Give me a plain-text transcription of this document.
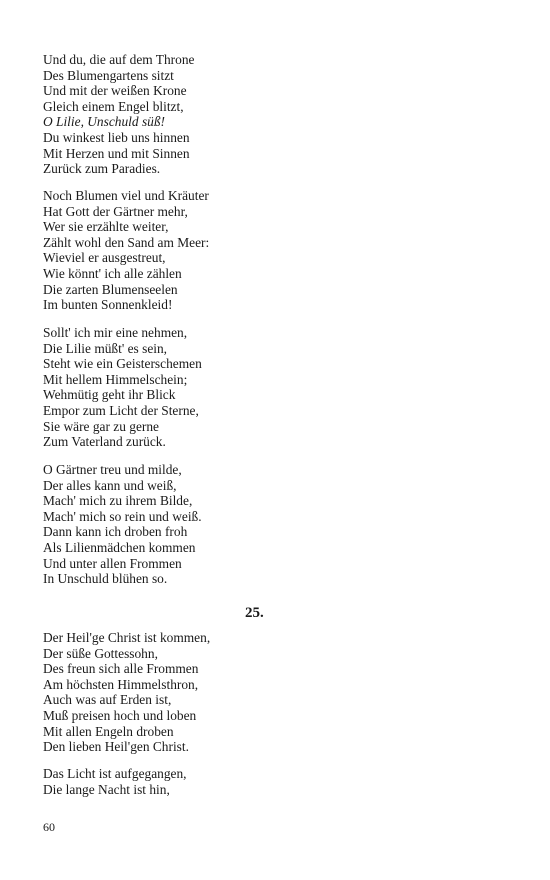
Und du, die auf dem Throne
Des Blumengartens sitzt
Und mit der weißen Krone
Gleich einem Engel blitzt,
O Lilie, Unschuld süß!
Du winkest lieb uns hinnen
Mit Herzen und mit Sinnen
Zurück zum Paradies.
Noch Blumen viel und Kräuter
Hat Gott der Gärtner mehr,
Wer sie erzählte weiter,
Zählt wohl den Sand am Meer:
Wieviel er ausgestreut,
Wie könnt' ich alle zählen
Die zarten Blumenseelen
Im bunten Sonnenkleid!
Sollt' ich mir eine nehmen,
Die Lilie müßt' es sein,
Steht wie ein Geisterschemen
Mit hellem Himmelschein;
Wehmütig geht ihr Blick
Empor zum Licht der Sterne,
Sie wäre gar zu gerne
Zum Vaterland zurück.
O Gärtner treu und milde,
Der alles kann und weiß,
Mach' mich zu ihrem Bilde,
Mach' mich so rein und weiß.
Dann kann ich droben froh
Als Lilienmädchen kommen
Und unter allen Frommen
In Unschuld blühen so.
25.
Der Heil'ge Christ ist kommen,
Der süße Gottessohn,
Des freun sich alle Frommen
Am höchsten Himmelsthron,
Auch was auf Erden ist,
Muß preisen hoch und loben
Mit allen Engeln droben
Den lieben Heil'gen Christ.
Das Licht ist aufgegangen,
Die lange Nacht ist hin,
60
